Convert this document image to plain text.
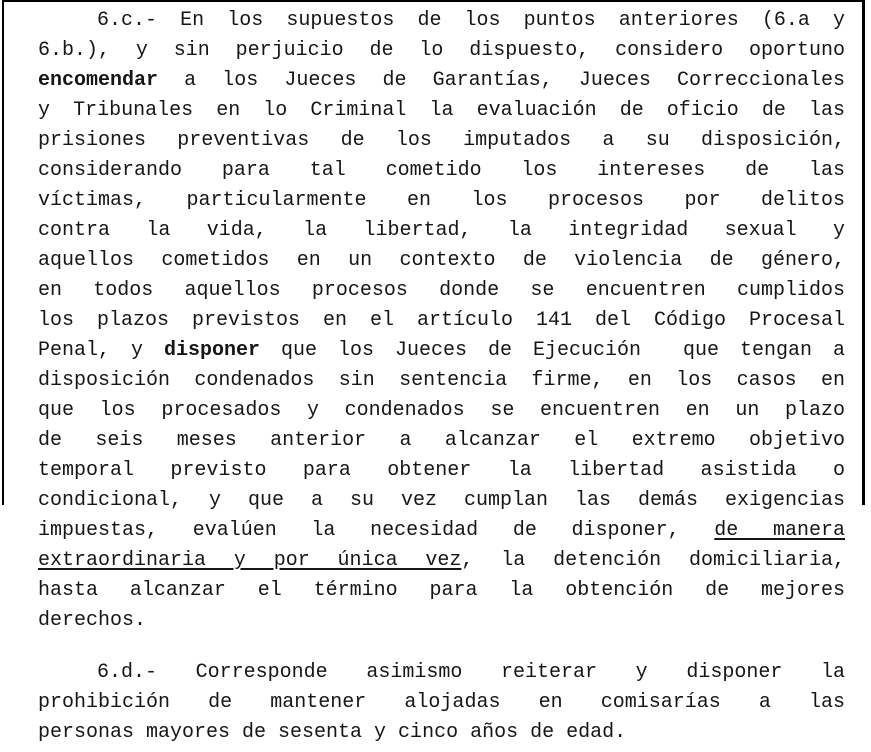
6.c.- En los supuestos de los puntos anteriores (6.a y
6.b.), y sin perjuicio de lo dispuesto, considero oportuno
encomendar a los Jueces de Garantías, Jueces Correccionales
y Tribunales en lo Criminal la evaluación de oficio de las
prisiones preventivas de los imputados a su disposición,
considerando para tal cometido los intereses de las
víctimas, particularmente en los procesos por delitos
contra la vida, la libertad, la integridad sexual y
aquellos cometidos en un contexto de violencia de género,
en todos aquellos procesos donde se encuentren cumplidos
los plazos previstos en el artículo 141 del Código Procesal
Penal, y disponer que los Jueces de Ejecución  que tengan a
disposición condenados sin sentencia firme, en los casos en
que los procesados y condenados se encuentren en un plazo
de seis meses anterior a alcanzar el extremo objetivo
temporal previsto para obtener la libertad asistida o
condicional, y que a su vez cumplan las demás exigencias
impuestas, evalúen la necesidad de disponer, de manera
extraordinaria y por única vez, la detención domiciliaria,
hasta alcanzar el término para la obtención de mejores
derechos.
6.d.- Corresponde asimismo reiterar y disponer la
prohibición de mantener alojadas en comisarías a las
personas mayores de sesenta y cinco años de edad.
